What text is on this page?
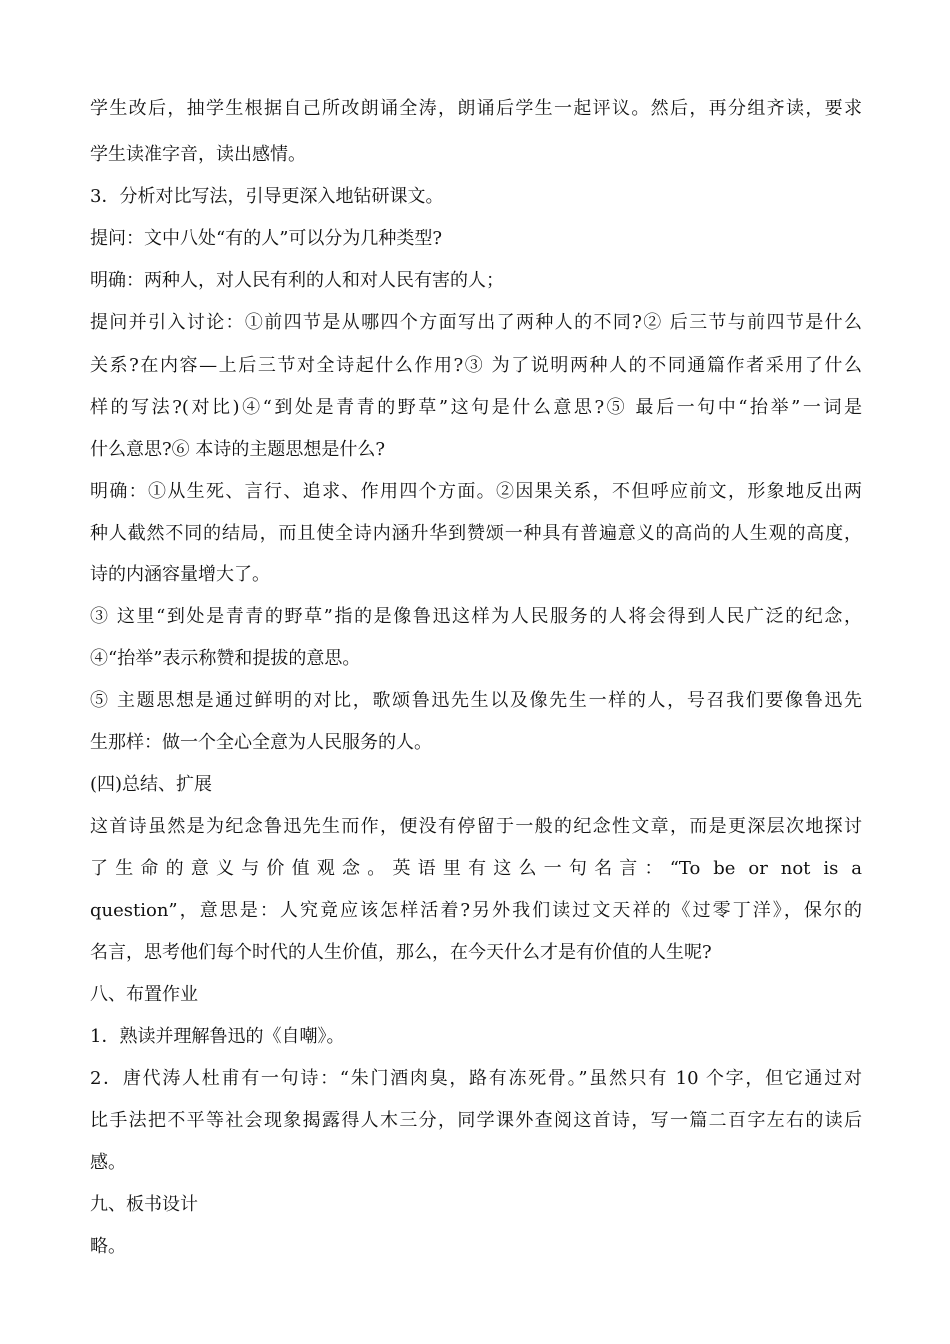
学生改后，抽学生根据自己所改朗诵全涛，朗诵后学生一起评议。然后，再分组齐读，要求
学生读准字音，读出感情。
3．分析对比写法，引导更深入地钻研课文。
提问：文中八处“有的人”可以分为几种类型?
明确：两种人，对人民有利的人和对人民有害的人；
提问并引入讨论：①前四节是从哪四个方面写出了两种人的不同?② 后三节与前四节是什么
关系?在内容—上后三节对全诗起什么作用?③ 为了说明两种人的不同通篇作者采用了什么
样的写法?(对比)④“到处是青青的野草”这句是什么意思?⑤ 最后一句中“抬举”一词是
什么意思?⑥ 本诗的主题思想是什么?
明确：①从生死、言行、追求、作用四个方面。②因果关系，不但呼应前文，形象地反出两
种人截然不同的结局，而且使全诗内涵升华到赞颂一种具有普遍意义的高尚的人生观的高度，
诗的内涵容量增大了。
③ 这里“到处是青青的野草”指的是像鲁迅这样为人民服务的人将会得到人民广泛的纪念，
④“抬举”表示称赞和提拔的意思。
⑤ 主题思想是通过鲜明的对比，歌颂鲁迅先生以及像先生一样的人，号召我们要像鲁迅先
生那样：做一个全心全意为人民服务的人。
(四)总结、扩展
这首诗虽然是为纪念鲁迅先生而作，便没有停留于一般的纪念性文章，而是更深层次地探讨
了生命的意义与价值观念。英语里有这么一句名言：“To be or not is a
question”，意思是：人究竟应该怎样活着?另外我们读过文天祥的《过零丁洋》，保尔的
名言，思考他们每个时代的人生价值，那么，在今天什么才是有价值的人生呢?
八、布置作业
1．熟读并理解鲁迅的《自嘲》。
2．唐代涛人杜甫有一句诗：“朱门酒肉臭，路有冻死骨。”虽然只有 10 个字，但它通过对
比手法把不平等社会现象揭露得人木三分，同学课外查阅这首诗，写一篇二百字左右的读后
感。
九、板书设计
略。
